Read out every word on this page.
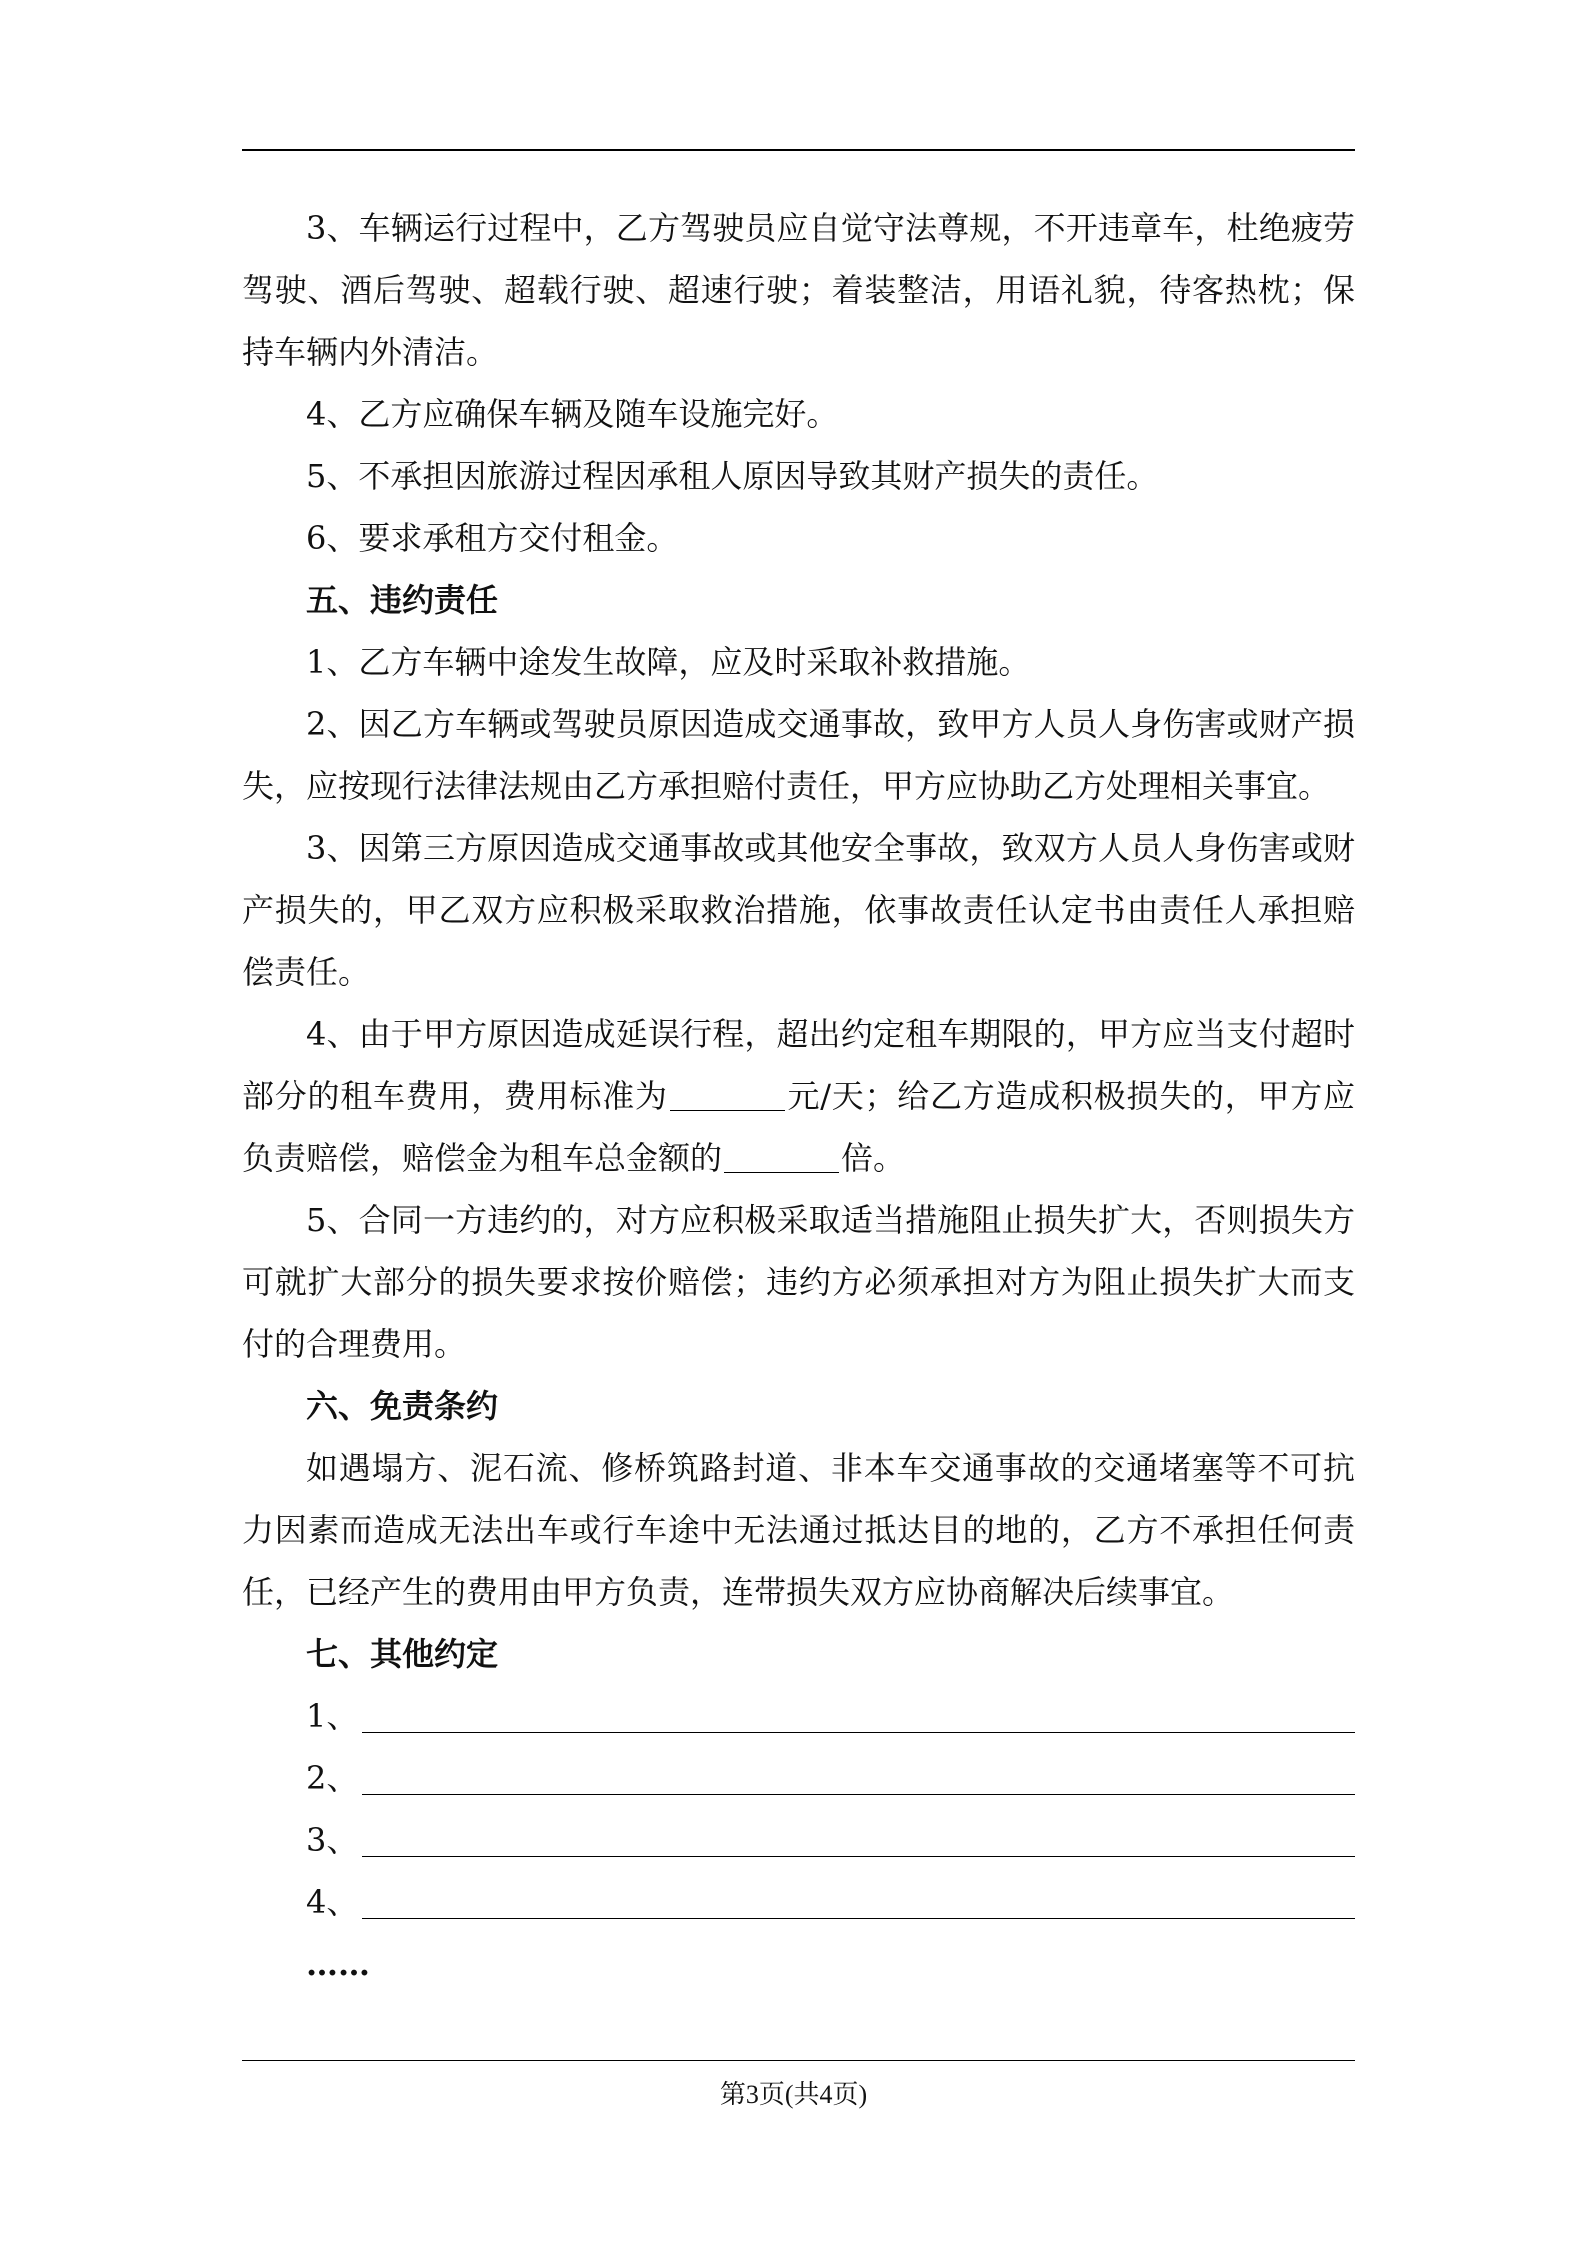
3、车辆运行过程中，乙方驾驶员应自觉守法尊规，不开违章车，杜绝疲劳驾驶、酒后驾驶、超载行驶、超速行驶；着装整洁，用语礼貌，待客热枕；保持车辆内外清洁。

4、乙方应确保车辆及随车设施完好。

5、不承担因旅游过程因承租人原因导致其财产损失的责任。

6、要求承租方交付租金。

五、违约责任

1、乙方车辆中途发生故障，应及时采取补救措施。

2、因乙方车辆或驾驶员原因造成交通事故，致甲方人员人身伤害或财产损失，应按现行法律法规由乙方承担赔付责任，甲方应协助乙方处理相关事宜。

3、因第三方原因造成交通事故或其他安全事故，致双方人员人身伤害或财产损失的，甲乙双方应积极采取救治措施，依事故责任认定书由责任人承担赔偿责任。

4、由于甲方原因造成延误行程，超出约定租车期限的，甲方应当支付超时部分的租车费用，费用标准为	元/天；给乙方造成积极损失的，甲方应负责赔偿，赔偿金为租车总金额的	倍。

5、合同一方违约的，对方应积极采取适当措施阻止损失扩大，否则损失方可就扩大部分的损失要求按价赔偿；违约方必须承担对方为阻止损失扩大而支付的合理费用。

六、免责条约

如遇塌方、泥石流、修桥筑路封道、非本车交通事故的交通堵塞等不可抗力因素而造成无法出车或行车途中无法通过抵达目的地的，乙方不承担任何责任，已经产生的费用由甲方负责，连带损失双方应协商解决后续事宜。

七、其他约定

1、
2、
3、
4、
……
第3页(共4页)
